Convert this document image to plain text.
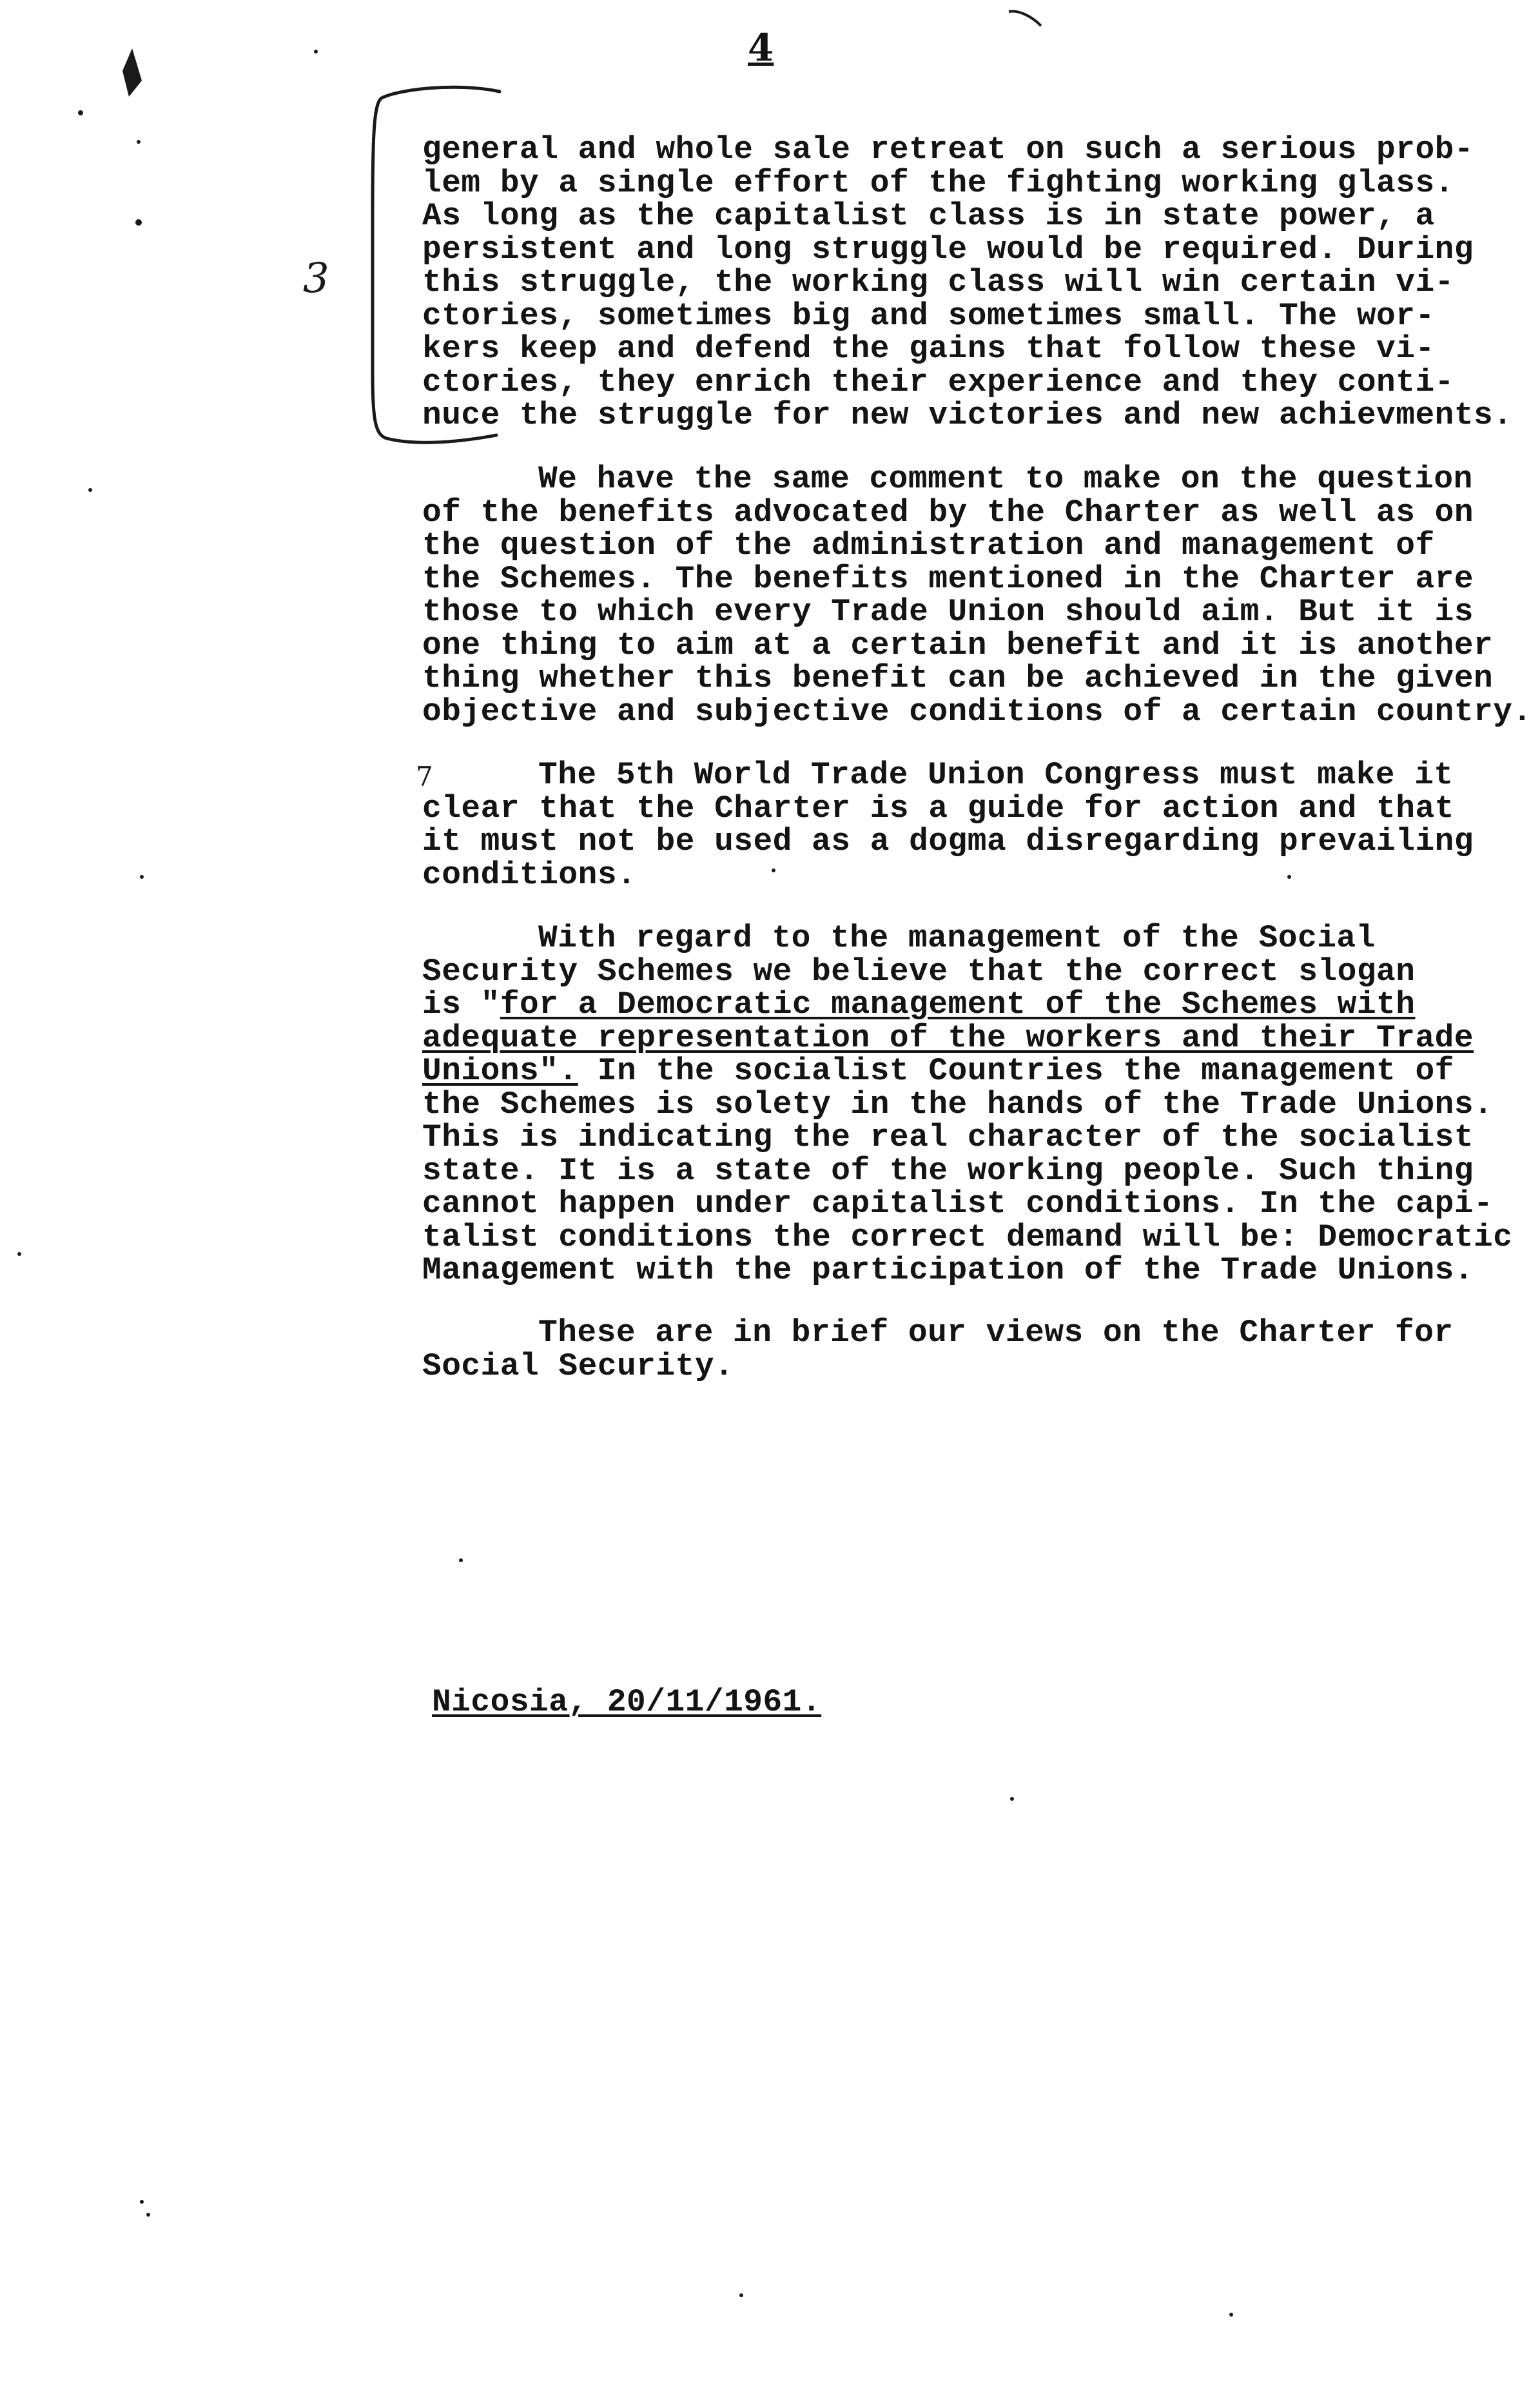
4
3
7
general and whole sale retreat on such a serious prob-
lem by a single effort of the fighting working glass.
As long as the capitalist class is in state power, a
persistent and long struggle would be required. During
this struggle, the working class will win certain vi-
ctories, sometimes big and sometimes small. The wor-
kers keep and defend the gains that follow these vi-
ctories, they enrich their experience and they conti-
nuce the struggle for new victories and new achievments.
We have the same comment to make on the question
of the benefits advocated by the Charter as well as on
the question of the administration and management of
the Schemes. The benefits mentioned in the Charter are
those to which every Trade Union should aim. But it is
one thing to aim at a certain benefit and it is another
thing whether this benefit can be achieved in the given
objective and subjective conditions of a certain country.
The 5th World Trade Union Congress must make it
clear that the Charter is a guide for action and that
it must not be used as a dogma disregarding prevailing
conditions.
With regard to the management of the Social
Security Schemes we believe that the correct slogan
is "for a Democratic management of the Schemes with
adequate representation of the workers and their Trade
Unions". In the socialist Countries the management of
the Schemes is solety in the hands of the Trade Unions.
This is indicating the real character of the socialist
state. It is a state of the working people. Such thing
cannot happen under capitalist conditions. In the capi-
talist conditions the correct demand will be: Democratic
Management with the participation of the Trade Unions.
These are in brief our views on the Charter for
Social Security.
Nicosia, 20/11/1961.
